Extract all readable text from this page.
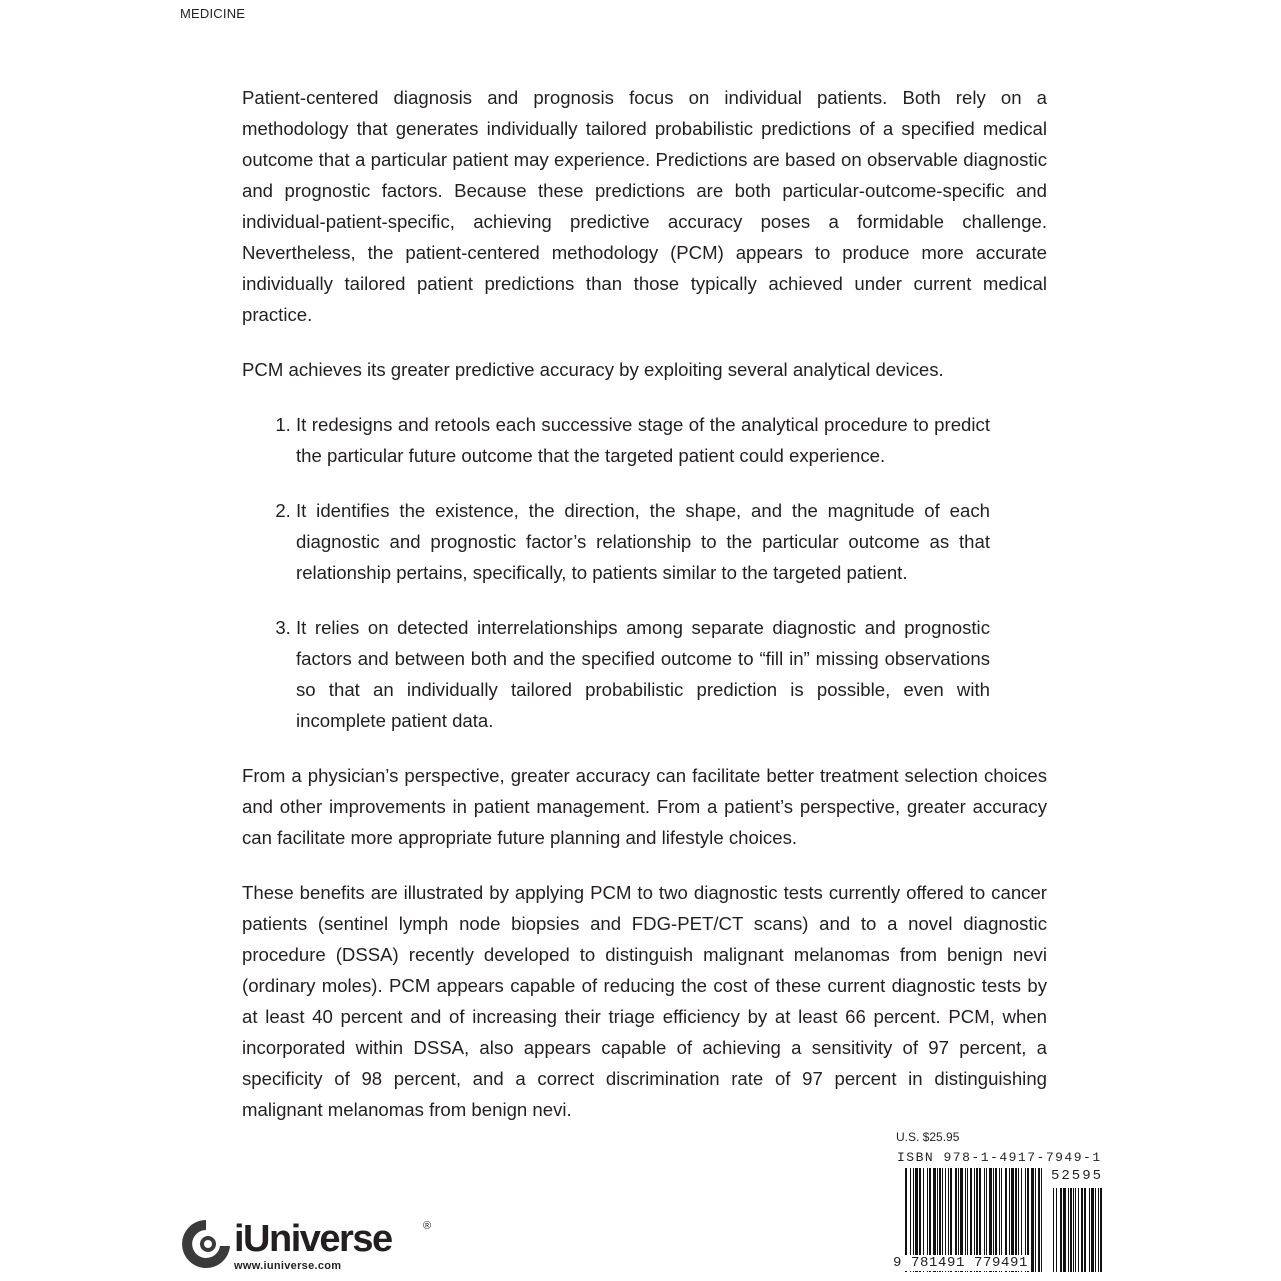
MEDICINE

Patient-centered diagnosis and prognosis focus on individual patients. Both rely on a methodology that generates individually tailored probabilistic predictions of a specified medical outcome that a particular patient may experience. Predictions are based on observable diagnostic and prognostic factors. Because these predictions are both particular-outcome-specific and individual-patient-specific, achieving predictive accuracy poses a formidable challenge. Nevertheless, the patient-centered methodology (PCM) appears to produce more accurate individually tailored patient predictions than those typically achieved under current medical practice.

PCM achieves its greater predictive accuracy by exploiting several analytical devices.

1. It redesigns and retools each successive stage of the analytical procedure to predict the particular future outcome that the targeted patient could experience.
2. It identifies the existence, the direction, the shape, and the magnitude of each diagnostic and prognostic factor’s relationship to the particular outcome as that relationship pertains, specifically, to patients similar to the targeted patient.
3. It relies on detected interrelationships among separate diagnostic and prognostic factors and between both and the specified outcome to “fill in” missing observations so that an individually tailored probabilistic prediction is possible, even with incomplete patient data.

From a physician’s perspective, greater accuracy can facilitate better treatment selection choices and other improvements in patient management. From a patient’s perspective, greater accuracy can facilitate more appropriate future planning and lifestyle choices.

These benefits are illustrated by applying PCM to two diagnostic tests currently offered to cancer patients (sentinel lymph node biopsies and FDG-PET/CT scans) and to a novel diagnostic procedure (DSSA) recently developed to distinguish malignant melanomas from benign nevi (ordinary moles). PCM appears capable of reducing the cost of these current diagnostic tests by at least 40 percent and of increasing their triage efficiency by at least 66 percent. PCM, when incorporated within DSSA, also appears capable of achieving a sensitivity of 97 percent, a specificity of 98 percent, and a correct discrimination rate of 97 percent in distinguishing malignant melanomas from benign nevi.

U.S. $25.95
ISBN 978-1-4917-7949-1
52595
9 781491 779491
iUniverse	®
www.iuniverse.com
